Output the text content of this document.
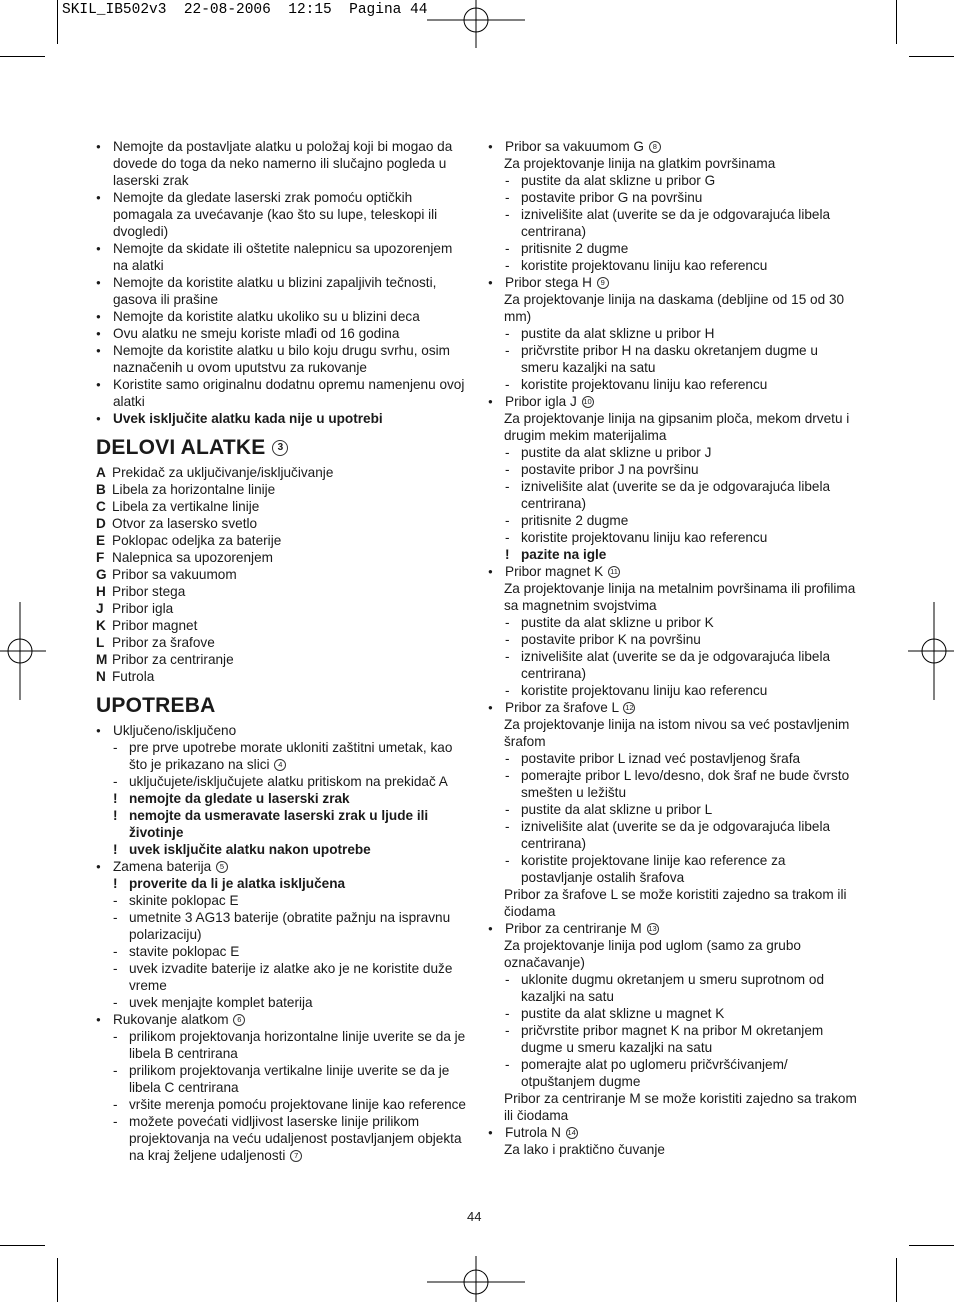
SKIL_IB502v3  22-08-2006  12:15  Pagina 44
● Nemojte da postavljate alatku u položaj koji bi mogao da dovede do toga da neko namerno ili slučajno pogleda u laserski zrak
● Nemojte da gledate laserski zrak pomoću optičkih pomagala za uvećavanje (kao što su lupe, teleskopi ili dvogledi)
● Nemojte da skidate ili oštetite nalepnicu sa upozorenjem na alatki
● Nemojte da koristite alatku u blizini zapaljivih tečnosti, gasova ili prašine
● Nemojte da koristite alatku ukoliko su u blizini deca
● Ovu alatku ne smeju koriste mlađi od 16 godina
● Nemojte da koristite alatku u bilo koju drugu svrhu, osim naznačenih u ovom uputstvu za rukovanje
● Koristite samo originalnu dodatnu opremu namenjenu ovoj alatki
● Uvek isključite alatku kada nije u upotrebi
DELOVI ALATKE 3
A Prekidač za uključivanje/isključivanje
B Libela za horizontalne linije
C Libela za vertikalne linije
D Otvor za lasersko svetlo
E Poklopac odeljka za baterije
F Nalepnica sa upozorenjem
G Pribor sa vakuumom
H Pribor stega
J Pribor igla
K Pribor magnet
L Pribor za šrafove
M Pribor za centriranje
N Futrola
UPOTREBA
● Uključeno/isključeno
- pre prve upotrebe morate ukloniti zaštitni umetak, kao što je prikazano na slici 4
- uključujete/isključujete alatku pritiskom na prekidač A
! nemojte da gledate u laserski zrak
! nemojte da usmeravate laserski zrak u ljude ili životinje
! uvek isključite alatku nakon upotrebe
● Zamena baterija 5
! proverite da li je alatka isključena
- skinite poklopac E
- umetnite 3 AG13 baterije (obratite pažnju na ispravnu polarizaciju)
- stavite poklopac E
- uvek izvadite baterije iz alatke ako je ne koristite duže vreme
- uvek menjajte komplet baterija
● Rukovanje alatkom 6
- prilikom projektovanja horizontalne linije uverite se da je libela B centrirana
- prilikom projektovanja vertikalne linije uverite se da je libela C centrirana
- vršite merenja pomoću projektovane linije kao reference
- možete povećati vidljivost laserske linije prilikom projektovanja na veću udaljenost postavljanjem objekta na kraj željene udaljenosti 7
● Pribor sa vakuumom G 8
Za projektovanje linija na glatkim površinama
- pustite da alat sklizne u pribor G
- postavite pribor G na površinu
- iznivelišite alat (uverite se da je odgovarajuća libela centrirana)
- pritisnite 2 dugme
- koristite projektovanu liniju kao referencu
● Pribor stega H 9
Za projektovanje linija na daskama (debljine od 15 od 30 mm)
- pustite da alat sklizne u pribor H
- pričvrstite pribor H na dasku okretanjem dugme u smeru kazaljki na satu
- koristite projektovanu liniju kao referencu
● Pribor igla J 10
Za projektovanje linija na gipsanim ploča, mekom drvetu i drugim mekim materijalima
- pustite da alat sklizne u pribor J
- postavite pribor J na površinu
- iznivelišite alat (uverite se da je odgovarajuća libela centrirana)
- pritisnite 2 dugme
- koristite projektovanu liniju kao referencu
! pazite na igle
● Pribor magnet K 11
Za projektovanje linija na metalnim površinama ili profilima sa magnetnim svojstvima
- pustite da alat sklizne u pribor K
- postavite pribor K na površinu
- iznivelišite alat (uverite se da je odgovarajuća libela centrirana)
- koristite projektovanu liniju kao referencu
● Pribor za šrafove L 12
Za projektovanje linija na istom nivou sa već postavljenim šrafom
- postavite pribor L iznad već postavljenog šrafa
- pomerajte pribor L levo/desno, dok šraf ne bude čvrsto smešten u ležištu
- pustite da alat sklizne u pribor L
- iznivelišite alat (uverite se da je odgovarajuća libela centrirana)
- koristite projektovane linije kao reference za postavljanje ostalih šrafova
Pribor za šrafove L se može koristiti zajedno sa trakom ili čiodama
● Pribor za centriranje M 13
Za projektovanje linija pod uglom (samo za grubo označavanje)
- uklonite dugmu okretanjem u smeru suprotnom od kazaljki na satu
- pustite da alat sklizne u magnet K
- pričvrstite pribor magnet K na pribor M okretanjem dugme u smeru kazaljki na satu
- pomerajte alat po uglomeru pričvršćivanjem/ otpuštanjem dugme
Pribor za centriranje M se može koristiti zajedno sa trakom ili čiodama
● Futrola N 14
Za lako i praktično čuvanje
44
